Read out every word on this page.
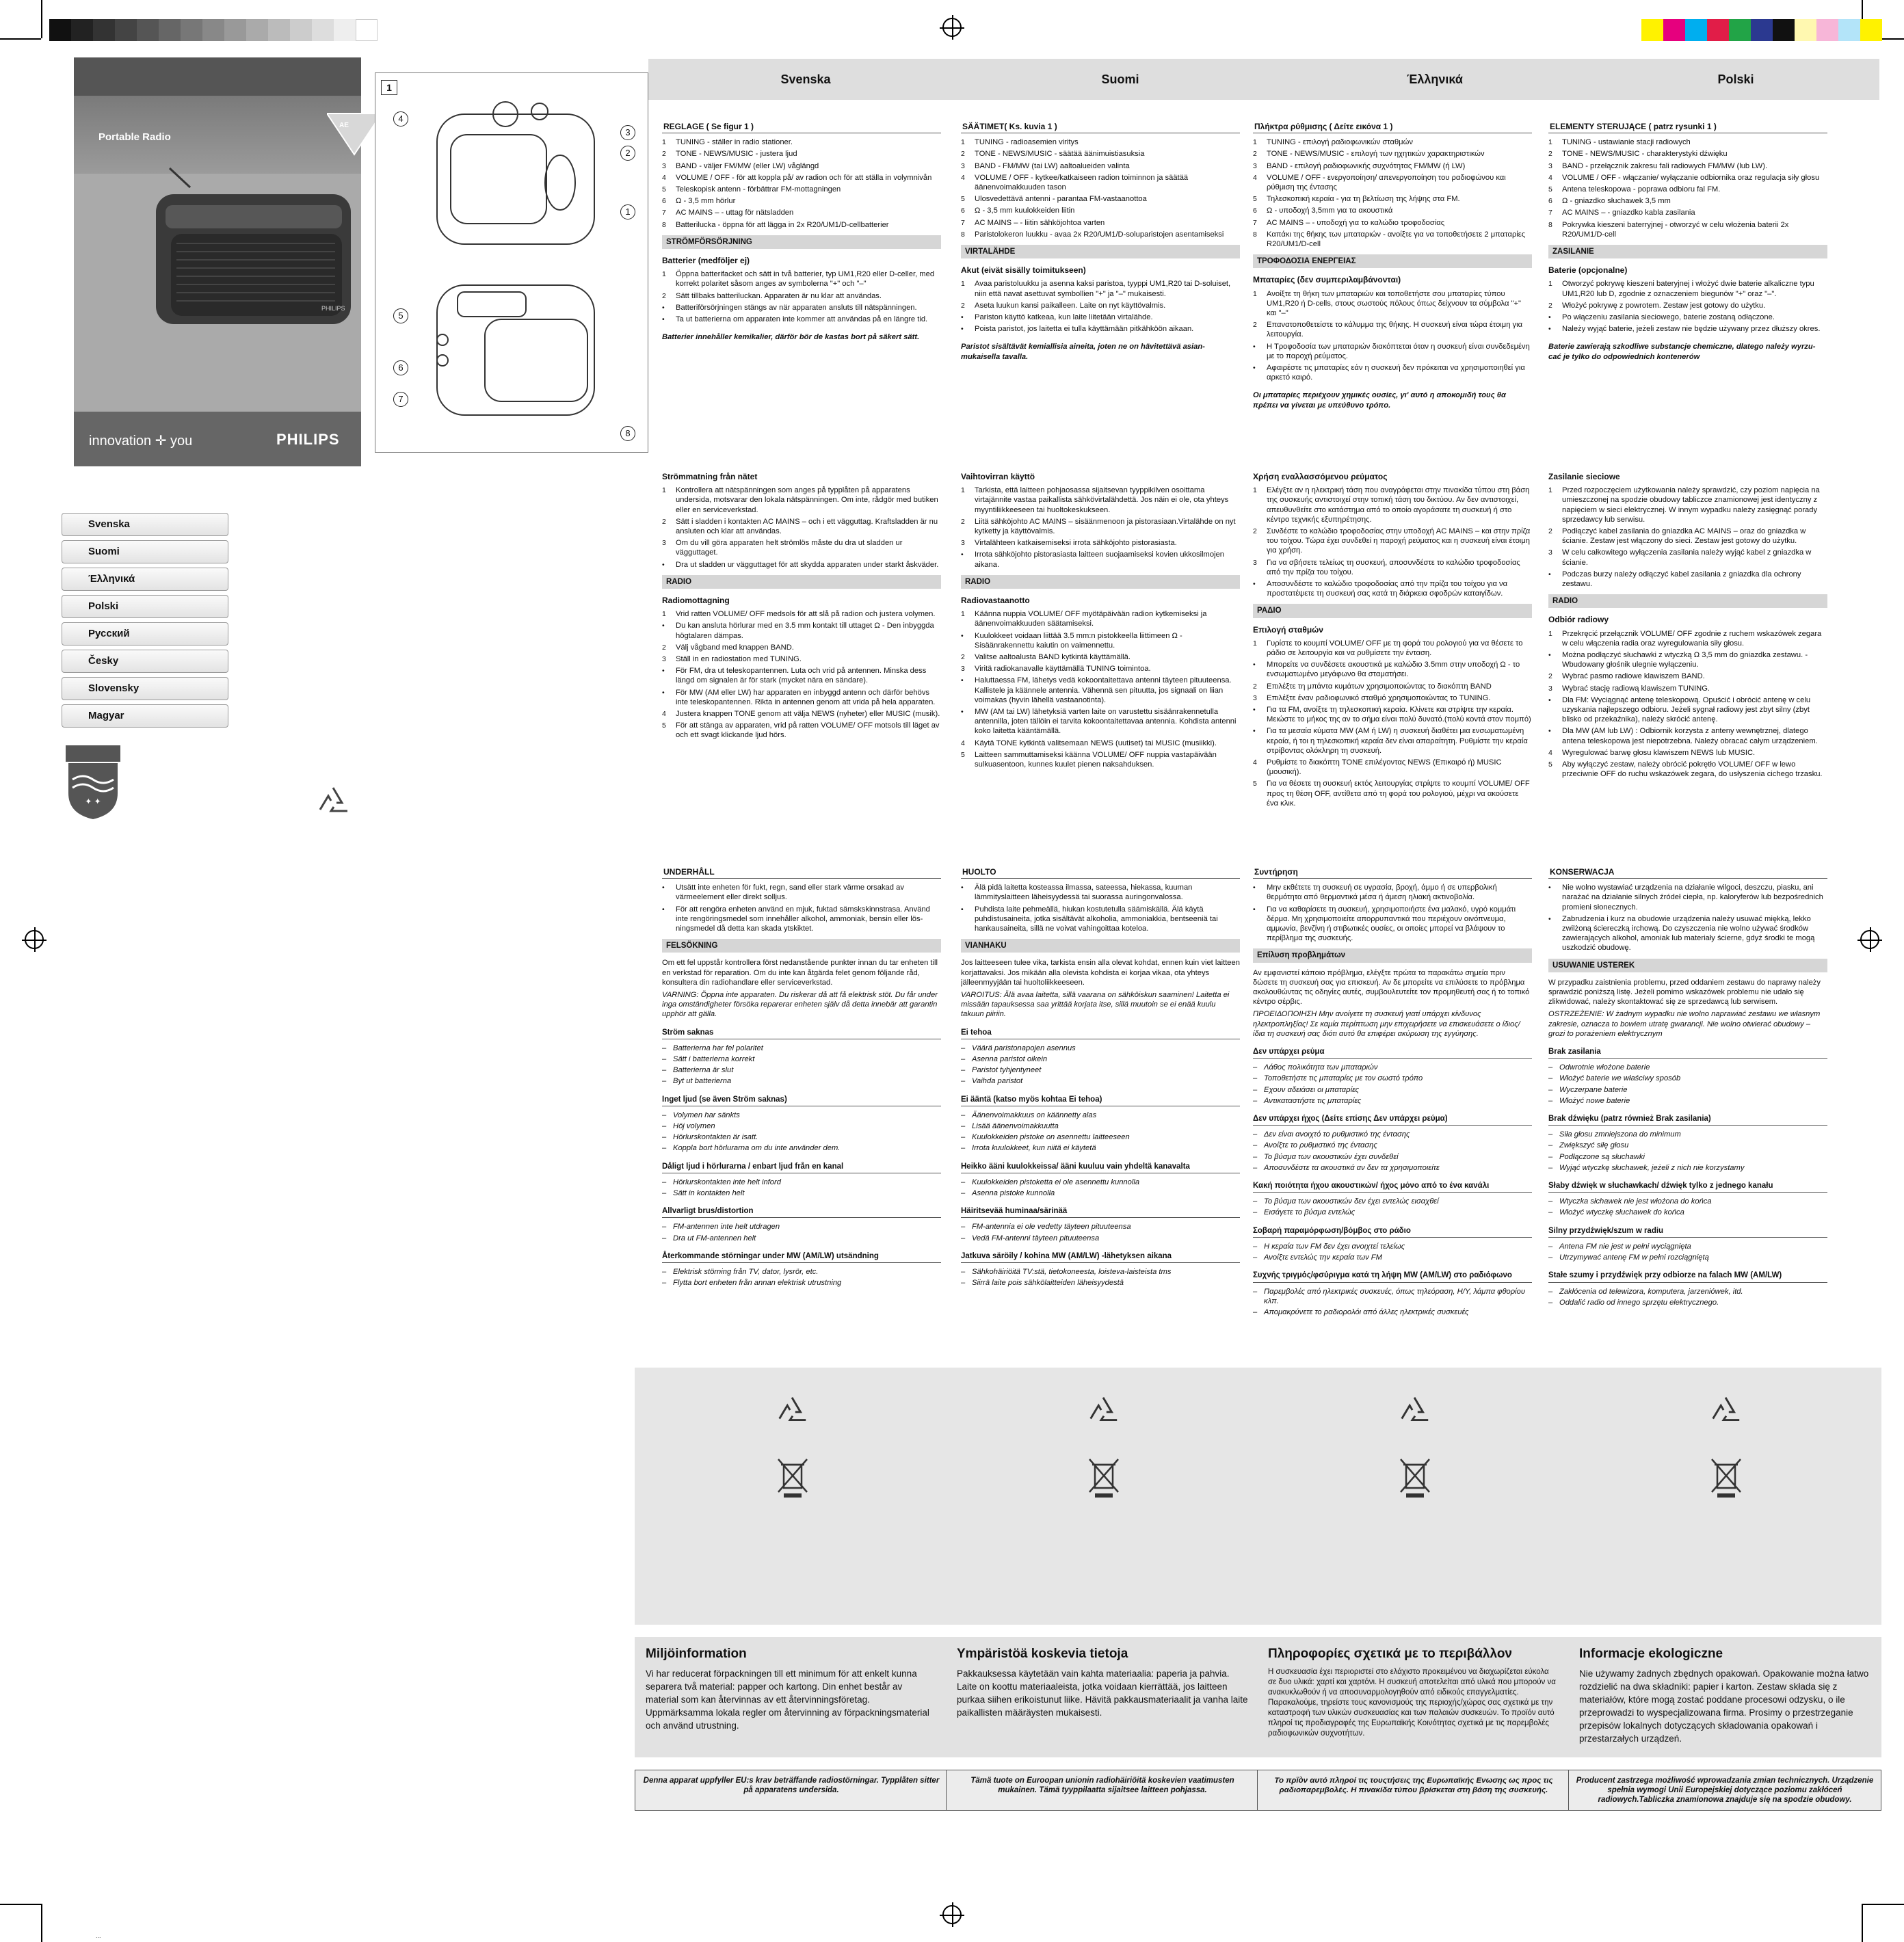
Portable Radio
AE
PHILIPS
innovation ✛ you	PHILIPS
Svenska
Suomi
Έλληνικά
Polski
Русский
Česky
Slovensky
Magyar
✦ ✦
1
4
3
2
1
5
6
7
8
Svenska	Suomi	Έλληνικά	Polski
REGLAGE ( Se figur 1 )
1	TUNING - ställer in radio stationer.
2	TONE - NEWS/MUSIC - justera ljud
3	BAND - väljer FM/MW (eller LW) våglängd
4	VOLUME / OFF - för att koppla på/ av radion och för att ställa in volymnivån
5	Teleskopisk antenn - förbättrar FM-mottagningen
6	Ω - 3,5 mm hörlur
7	AC MAINS – - uttag för nätsladden
8	Batterilucka - öppna för att lägga in 2x R20/UM1/D-cellbatterier
STRÖMFÖRSÖRJNING
Batterier (medföljer ej)
1	Öppna batterifacket och sätt in två batterier, typ UM1,R20 eller D-celler, med korrekt polaritet såsom anges av symbolerna "+" och "–"
2	Sätt tillbaks batteriluckan. Apparaten är nu klar att användas.
•	Batteriförsörjningen stängs av när apparaten ansluts till nätspänningen.
•	Ta ut batterierna om apparaten inte kommer att användas på en längre tid.
Batterier innehåller kemikalier, därför bör de kastas bort på säkert sätt.
Strömmatning från nätet
1	Kontrollera att nätspänningen som anges på typplåten på apparatens undersida, motsvarar den lokala nätspänningen. Om inte, rådgör med butiken eller en serviceverkstad.
2	Sätt i sladden i kontakten AC MAINS – och i ett vägguttag. Kraftsladden är nu ansluten och klar att användas.
3	Om du vill göra apparaten helt strömlös måste du dra ut sladden ur vägguttaget.
•	Dra ut sladden ur vägguttaget för att skydda apparaten under starkt åskväder.
RADIO
Radiomottagning
1	Vrid ratten VOLUME/ OFF medsols för att slå på radion och justera volymen.
•	Du kan ansluta hörlurar med en 3.5 mm kontakt till uttaget Ω - Den inbyggda högtalaren dämpas.
2	Välj vågband med knappen BAND.
3	Ställ in en radiostation med TUNING.
•	För FM, dra ut teleskopantennen. Luta och vrid på antennen. Minska dess längd om signalen är för stark (mycket nära en sändare).
•	För MW (AM eller LW) har apparaten en inbyggd antenn och därför behövs inte teleskopantennen. Rikta in antennen genom att vrida på hela apparaten.
4	Justera knappen TONE genom att välja NEWS (nyheter) eller MUSIC (musik).
5	För att stänga av apparaten, vrid på ratten VOLUME/ OFF motsols till läget av och ett svagt klickande ljud hörs.
UNDERHÅLL
•	Utsätt inte enheten för fukt, regn, sand eller stark värme orsakad av värmeelement eller direkt solljus.
•	För att rengöra enheten använd en mjuk, fuktad sämskskinnstrasa. Använd inte rengöringsmedel som innehåller alkohol, ammoniak, bensin eller lös-ningsmedel då detta kan skada ytskiktet.
FELSÖKNING
Om ett fel uppstår kontrollera först nedanstående punkter innan du tar enheten till en verkstad för reparation. Om du inte kan åtgärda felet genom följande råd, konsultera din radiohandlare eller serviceverkstad.
VARNING: Öppna inte apparaten. Du riskerar då att få elektrisk stöt. Du får under inga omständigheter försöka reparerar enheten själv då detta innebär att garantin upphör att gälla.
Ström saknas
– Batterierna har fel polaritet
– Sätt i batterierna korrekt
– Batterierna är slut
– Byt ut batterierna
Inget ljud (se även Ström saknas)
– Volymen har sänkts
– Höj volymen
– Hörlurskontakten är isatt.
– Koppla bort hörlurarna om du inte använder dem.
Dåligt ljud i hörlurarna / enbart ljud från en kanal
– Hörlurskontakten inte helt inford
– Sätt in kontakten helt
Allvarligt brus/distortion
– FM-antennen inte helt utdragen
– Dra ut FM-antennen helt
Återkommande störningar under MW (AM/LW) utsändning
– Elektrisk störning från TV, dator, lysrör, etc.
– Flytta bort enheten från annan elektrisk utrustning
SÄÄTIMET( Ks. kuvia 1 )
1	TUNING - radioasemien viritys
2	TONE - NEWS/MUSIC - säätää äänimuistiasuksia
3	BAND - FM/MW (tai LW) aaltoalueiden valinta
4	VOLUME / OFF - kytkee/katkaiseen radion toiminnon ja säätää äänenvoimakkuuden tason
5	Ulosvedettävä antenni - parantaa FM-vastaanottoa
6	Ω - 3,5 mm kuulokkeiden liitin
7	AC MAINS – - liitin sähköjohtoa varten
8	Paristolokeron luukku - avaa 2x R20/UM1/D-soluparistojen asentamiseksi
VIRTALÄHDE
Akut (eivät sisälly toimitukseen)
1	Avaa paristoluukku ja asenna kaksi paristoa, tyyppi UM1,R20 tai D-soluiset, niin että navat asettuvat symbollien "+" ja "–" mukaisesti.
2	Aseta luukun kansi paikalleen. Laite on nyt käyttövalmis.
•	Pariston käyttö katkeaa, kun laite liitetään virtalähde.
•	Poista paristot, jos laitetta ei tulla käyttämään pitkähköön aikaan.
Paristot sisältävät kemiallisia aineita, joten ne on hävitettävä asian-mukaisella tavalla.
Vaihtovirran käyttö
1	Tarkista, että laitteen pohjaosassa sijaitsevan tyyppikilven osoittama virtajännite vastaa paikallista sähkövirtalähdettä. Jos näin ei ole, ota yhteys myyntiliikkeeseen tai huoltokeskukseen.
2	Liitä sähköjohto AC MAINS – sisäänmenoon ja pistorasiaan.Virtalähde on nyt kytketty ja käyttövalmis.
3	Virtalähteen katkaisemiseksi irrota sähköjohto pistorasiasta.
•	Irrota sähköjohto pistorasiasta laitteen suojaamiseksi kovien ukkosilmojen aikana.
RADIO
Radiovastaanotto
1	Käänna nuppia VOLUME/ OFF myötäpäivään radion kytkemiseksi ja äänenvoimakkuuden säätamiseksi.
•	Kuulokkeet voidaan liittää 3.5 mm:n pistokkeella liittimeen Ω - Sisäänrakennettu kaiutin on vaimennettu.
2	Valitse aaltoalusta BAND kytkintä käyttämällä.
3	Viritä radiokanavalle käyttämällä TUNING toimintoa.
•	Haluttaessa FM, lähetys vedä kokoontaitettava antenni täyteen pituuteensa. Kallistele ja käännele antennia. Vähennä sen pituutta, jos signaali on liian voimakas (hyvin lähellä vastaanotinta).
•	MW (AM tai LW) lähetyksiä varten laite on varustettu sisäänrakennetulla antennilla, joten tällöin ei tarvita kokoontaitettavaa antennia. Kohdista antenni koko laitetta kääntämällä.
4	Käytä TONE kytkintä valitsemaan NEWS (uutiset) tai MUSIC (musiikki).
5	Laitteen sammuttamiseksi käänna VOLUME/ OFF nuppia vastapäivään sulkuasentoon, kunnes kuulet pienen naksahduksen.
HUOLTO
•	Älä pidä laitetta kosteassa ilmassa, sateessa, hiekassa, kuuman lämmityslaitteen läheisyydessä tai suorassa auringonvalossa.
•	Puhdista laite pehmeällä, hiukan kostutetulla säämiskällä. Älä käytä puhdistusaineita, jotka sisältävät alkoholia, ammoniakkia, bentseeniä tai hankausaineita, sillä ne voivat vahingoittaa koteloa.
VIANHAKU
Jos laitteeseen tulee vika, tarkista ensin alla olevat kohdat, ennen kuin viet laitteen korjattavaksi. Jos mikään alla olevista kohdista ei korjaa vikaa, ota yhteys jälleenmyyjään tai huoltoliikkeeseen.
VAROITUS: Älä avaa laitetta, sillä vaarana on sähköiskun saaminen! Laitetta ei missään tapauksessa saa yrittää korjata itse, sillä muutoin se ei enää kuulu takuun piiriin.
Ei tehoa
– Väärä paristonapojen asennus
– Asenna paristot oikein
– Paristot tyhjentyneet
– Vaihda paristot
Ei ääntä (katso myös kohtaa Ei tehoa)
– Äänenvoimakkuus on käännetty alas
– Lisää äänenvoimakkuutta
– Kuulokkeiden pistoke on asennettu laitteeseen
– Irrota kuulokkeet, kun niitä ei käytetä
Heikko ääni kuulokkeissa/ ääni kuuluu vain yhdeltä kanavalta
– Kuulokkeiden pistoketta ei ole asennettu kunnolla
– Asenna pistoke kunnolla
Häiritsevää huminaa/särinää
– FM-antennia ei ole vedetty täyteen pituuteensa
– Vedä FM-antenni täyteen pituuteensa
Jatkuva säröily / kohina MW (AM/LW) -lähetyksen aikana
– Sähkohäiriöitä TV:stä, tietokoneesta, loisteva-laisteista tms
– Siirrä laite pois sähkölaitteiden läheisyydestä
Πλήκτρα ρύθμισης ( Δείτε εικόνα 1 )
1	TUNING - επιλογή ραδιοφωνικών σταθμών
2	TONE - NEWS/MUSIC - επιλογή των ηχητικών χαρακτηριστικών
3	BAND - επιλογή ραδιοφωνικής συχνότητας FM/MW (ή LW)
4	VOLUME / OFF - ενεργοποίηση/ απενεργοποίηση του ραδιοφώνου και ρύθμιση της έντασης
5	Τηλεσκοπική κεραία - για τη βελτίωση της λήψης στα FM.
6	Ω - υποδοχή 3,5mm για τα ακουστικά
7	AC MAINS – - υποδοχή για το καλώδιο τροφοδοσίας
8	Καπάκι της θήκης των μπαταριών - ανοίξτε για να τοποθετήσετε 2 μπαταρίες R20/UM1/D-cell
ΤΡΟΦΟΔΟΣΙΑ ΕΝΕΡΓΕΙΑΣ
Μπαταρίες (δεν συμπεριλαμβάνονται)
1	Ανοίξτε τη θήκη των μπαταριών και τοποθετήστε σου μπαταρίες τύπου UM1,R20 ή D-cells, στους σωστούς πόλους όπως δείχνουν τα σύμβολα "+" και "–"
2	Επανατοποθετείστε το κάλυμμα της θήκης. Η συσκευή είναι τώρα έτοιμη για λειτουργία.
•	Η Τροφοδοσία των μπαταριών διακόπτεται όταν η συσκευή είναι συνδεδεμένη με το παροχή ρεύματος.
•	Αφαιρέστε τις μπαταρίες εάν η συσκευή δεν πρόκειται να χρησιμοποιηθεί για αρκετό καιρό.
Οι μπαταρίες περιέχουν χημικές ουσίες, γι' αυτό η αποκομιδή τους θα πρέπει να γίνεται με υπεύθυνο τρόπο.
Χρήση εναλλασσόμενου ρεύματος
1	Ελέγξτε αν η ηλεκτρική τάση που αναγράφεται στην πινακίδα τύπου στη βάση της συσκευής αντιστοιχεί στην τοπική τάση του δικτύου. Αν δεν αντιστοιχεί, απευθυνθείτε στο κατάστημα από το οποίο αγοράσατε τη συσκευή ή στο κέντρο τεχνικής εξυπηρέτησης.
2	Συνδέστε το καλώδιο τροφοδοσίας στην υποδοχή AC MAINS – και στην πρίζα του τοίχου. Τώρα έχει συνδεθεί η παροχή ρεύματος και η συσκευή είναι έτοιμη για χρήση.
3	Για να σβήσετε τελείως τη συσκευή, αποσυνδέστε το καλώδιο τροφοδοσίας από την πρίζα του τοίχου.
•	Αποσυνδέστε το καλώδιο τροφοδοσίας από την πρίζα του τοίχου για να προστατέψετε τη συσκευή σας κατά τη διάρκεια σφοδρών καταιγίδων.
ΡΑΔΙΟ
Επιλογή σταθμών
1	Γυρίστε το κουμπί VOLUME/ OFF με τη φορά του ρολογιού για να θέσετε το ράδιο σε λειτουργία και να ρυθμίσετε την ένταση.
•	Μπορείτε να συνδέσετε ακουστικά με καλώδιο 3.5mm στην υποδοχή Ω - το ενσωματωμένο μεγάφωνο θα σταματήσει.
2	Επιλέξτε τη μπάντα κυμάτων χρησιμοποιώντας το διακόπτη BAND
3	Επιλέξτε έναν ραδιοφωνικό σταθμό χρησιμοποιώντας το TUNING.
•	Για τα FM, ανοίξτε τη τηλεσκοπική κεραία. Κλίνετε και στρίψτε την κεραία. Μειώστε το μήκος της αν το σήμα είναι πολύ δυνατό.(πολύ κοντά στον πομπό)
•	Για τα μεσαία κύματα MW (AM ή LW) η συσκευή διαθέτει μια ενσωματωμένη κεραία, ή τοι η τηλεσκοπική κεραία δεν είναι απαραίτητη. Ρυθμίστε την κεραία στρίβοντας ολόκληρη τη συσκευή.
4	Ρυθμίστε το διακόπτη TONE επιλέγοντας NEWS (Επικαιρό ή) MUSIC (μουσική).
5	Για να θέσετε τη συσκευή εκτός λειτουργίας στρίψτε το κουμπί VOLUME/ OFF προς τη θέση OFF, αντίθετα από τη φορά του ρολογιού, μέχρι να ακούσετε ένα κλικ.
Συντήρηση
•	Μην εκθέτετε τη συσκευή σε υγρασία, βροχή, άμμο ή σε υπερβολική θερμότητα από θερμαντικά μέσα ή άμεση ηλιακή ακτινοβολία.
•	Για να καθαρίσετε τη συσκευή, χρησιμοποιήστε ένα μαλακό, υγρό κομμάτι δέρμα. Μη χρησιμοποιείτε απορρυπαντικά που περιέχουν οινόπνευμα, αμμωνία, βενζίνη ή στιβωτικές ουσίες, οι οποίες μπορεί να βλάψουν το περίβλημα της συσκευής.
Επίλυση προβλημάτων
Αν εμφανιστεί κάποιο πρόβλημα, ελέγξτε πρώτα τα παρακάτω σημεία πριν δώσετε τη συσκευή σας για επισκευή. Αν δε μπορείτε να επιλύσετε το πρόβλημα ακολουθώντας τις οδηγίες αυτές, συμβουλευτείτε τον προμηθευτή σας ή το τοπικό κέντρο σέρβις.
ΠΡΟΕΙΔΟΠΟΙΗΣΗ Μην ανοίγετε τη συσκευή γιατί υπάρχει κίνδυνος ηλεκτροπληξίας! Σε καμία περίπτωση μην επιχειρήσετε να επισκευάσετε ο ίδιος/ίδια τη συσκευή σας διότι αυτό θα επιφέρει ακύρωση της εγγύησης.
Δεν υπάρχει ρεύμα
– Λάθος πολικότητα των μπαταριών
– Τοποθετήστε τις μπαταρίες με τον σωστό τρόπο
– Εχουν αδειάσει οι μπαταρίες
– Αντικαταστήστε τις μπαταρίες
Δεν υπάρχει ήχος (Δείτε επίσης Δεν υπάρχει ρεύμα)
– Δεν είναι ανοιχτό το ρυθμιστικό της έντασης
– Ανοίξτε το ρυθμιστικό της έντασης
– Το βύσμα των ακουστικών έχει συνδεθεί
– Αποσυνδέστε τα ακουστικά αν δεν τα χρησιμοποιείτε
Κακή ποιότητα ήχου ακουστικών/ ήχος μόνο από το ένα κανάλι
– Το βύσμα των ακουστικών δεν έχει εντελώς εισαχθεί
– Εισάγετε το βύσμα εντελώς
Σοβαρή παραμόρφωση/βόμβος στο ράδιο
– Η κεραία των FM δεν έχει ανοιχτεί τελείως
– Ανοίξτε εντελώς την κεραία των FM
Συχνής τριγμός/φσύριγμα κατά τη λήψη MW (AM/LW) στο ραδιόφωνο
– Παρεμβολές από ηλεκτρικές συσκευές, όπως τηλεόραση, Η/Υ, λάμπα φθορίου κλπ.
– Απομακρύνετε το ραδιορολόι από άλλες ηλεκτρικές συσκευές
ELEMENTY STERUJĄCE ( patrz rysunki 1 )
1	TUNING - ustawianie stacji radiowych
2	TONE - NEWS/MUSIC - charakterystyki dźwięku
3	BAND - przełącznik zakresu fali radiowych FM/MW (lub LW).
4	VOLUME / OFF - włączanie/ wyłączanie odbiornika oraz regulacja siły głosu
5	Antena teleskopowa - poprawa odbioru fal FM.
6	Ω - gniazdko słuchawek 3,5 mm
7	AC MAINS – - gniazdko kabla zasilania
8	Pokrywka kieszeni baterryjnej - otworzyć w celu włożenia baterii 2x R20/UM1/D-cell
ZASILANIE
Baterie (opcjonalne)
1	Otworzyć pokrywę kieszeni bateryjnej i włożyć dwie baterie alkaliczne typu UM1,R20 lub D, zgodnie z oznaczeniem biegunów "+" oraz "–".
2	Włożyć pokrywę z powrotem. Zestaw jest gotowy do użytku.
•	Po włączeniu zasilania sieciowego, baterie zostaną odłączone.
•	Należy wyjąć baterie, jeżeli zestaw nie będzie używany przez dłuższy okres.
Baterie zawierają szkodliwe substancje chemiczne, dlatego należy wyrzu-cać je tylko do odpowiednich kontenerów
Zasilanie sieciowe
1	Przed rozpoczęciem użytkowania należy sprawdzić, czy poziom napięcia na umieszczonej na spodzie obudowy tabliczce znamionowej jest identyczny z napięciem w sieci elektrycznej. W innym wypadku należy zasięgnąć porady sprzedawcy lub serwisu.
2	Podłączyć kabel zasilania do gniazdka AC MAINS – oraz do gniazdka w ścianie. Zestaw jest włączony do sieci. Zestaw jest gotowy do użytku.
3	W celu całkowitego wyłączenia zasilania należy wyjąć kabel z gniazdka w ścianie.
•	Podczas burzy należy odłączyć kabel zasilania z gniazdka dla ochrony zestawu.
RADIO
Odbiór radiowy
1	Przekręcić przełącznik VOLUME/ OFF zgodnie z ruchem wskazówek zegara w celu włączenia radia oraz wyregulowania siły głosu.
•	Można podłączyć słuchawki z wtyczką Ω 3,5 mm do gniazdka zestawu. - Wbudowany głośnik ulegnie wyłączeniu.
2	Wybrać pasmo radiowe klawiszem BAND.
3	Wybrać stację radiową klawiszem TUNING.
•	Dla FM: Wyciągnąć antenę teleskopową. Opuścić i obrócić antenę w celu uzyskania najlepszego odbioru. Jeżeli sygnał radiowy jest zbyt silny (zbyt blisko od przekaźnika), należy skrócić antenę.
•	Dla MW (AM lub LW) : Odbiornik korzysta z anteny wewnętrznej, dlatego antena teleskopowa jest niepotrzebna. Należy obracać całym urządzeniem.
4	Wyregulować barwę głosu klawiszem NEWS lub MUSIC.
5	Aby wyłączyć zestaw, należy obrócić pokrętło VOLUME/ OFF w lewo przeciwnie OFF do ruchu wskazówek zegara, do usłyszenia cichego trzasku.
KONSERWACJA
•	Nie wolno wystawiać urządzenia na działanie wilgoci, deszczu, piasku, ani narażać na działanie silnych źródeł ciepła, np. kaloryferów lub bezpośrednich promieni słonecznych.
•	Zabrudzenia i kurz na obudowie urządzenia należy usuwać miękką, lekko zwilżoną ściereczką irchową. Do czyszczenia nie wolno używać środków zawierających alkohol, amoniak lub materiały ścierne, gdyż środki te mogą uszkodzić obudowę.
USUWANIE USTEREK
W przypadku zaistnienia problemu, przed oddaniem zestawu do naprawy należy sprawdzić poniższą listę. Jeżeli pomimo wskazówek problemu nie udało się zlikwidować, należy skontaktować się ze sprzedawcą lub serwisem.
OSTRZEŻENIE: W żadnym wypadku nie wolno naprawiać zestawu we własnym zakresie, oznacza to bowiem utratę gwarancji. Nie wolno otwierać obudowy – grozi to porażeniem elektrycznym
Brak zasilania
– Odwrotnie włożone baterie
– Włożyć baterie we właściwy sposób
– Wyczerpane baterie
– Włożyć nowe baterie
Brak dźwięku (patrz również Brak zasilania)
– Siła głosu zmniejszona do minimum
– Zwiększyć siłę głosu
– Podłączone są słuchawki
– Wyjąć wtyczkę słuchawek, jeżeli z nich nie korzystamy
Słaby dźwięk w słuchawkach/ dźwięk tylko z jednego kanału
– Wtyczka słchawek nie jest włożona do końca
– Włożyć wtyczkę słuchawek do końca
Silny przydźwięk/szum w radiu
– Antena FM nie jest w pełni wyciągnięta
– Utrzymywać antenę FM w pełni rozciągniętą
Stałe szumy i przydźwięk przy odbiorze na falach MW (AM/LW)
– Zakłócenia od telewizora, komputera, jarzeniówek, itd.
– Oddalić radio od innego sprzętu elektrycznego.
Miljöinformation
Vi har reducerat förpackningen till ett minimum för att enkelt kunna separera två material: papper och kartong. Din enhet består av material som kan återvinnas av ett återvinningsföretag. Uppmärksamma lokala regler om återvinning av förpackningsmaterial och använd utrustning.
Ympäristöä koskevia tietoja
Pakkauksessa käytetään vain kahta materiaalia: paperia ja pahvia. Laite on koottu materiaaleista, jotka voidaan kierrättää, jos laitteen purkaa siihen erikoistunut liike. Hävitä pakkausmateriaalit ja vanha laite paikallisten määräysten mukaisesti.
Πληροφορίες σχετικά με το περιβάλλον
Η συσκευασία έχει περιοριστεί στο ελάχιστο προκειμένου να διαχωρίζεται εύκολα σε δυο υλικά: χαρτί και χαρτόνι. Η συσκευή αποτελείται από υλικά που μπορούν να ανακυκλωθούν ή να αποσυναρμολογηθούν από ειδικούς επαγγελματίες. Παρακαλούμε, τηρείστε τους κανονισμούς της περιοχής/χώρας σας σχετικά με την καταστροφή των υλικών συσκευασίας και των παλαιών συσκευών. Το προϊόν αυτό πληροί τις προδιαγραφές της Ευρωπαϊκής Κοινότητας σχετικά με τις παρεμβολές ραδιοφωνικών συχνοτήτων.
Informacje ekologiczne
Nie używamy żadnych zbędnych opakowań. Opakowanie można łatwo rozdzielić na dwa składniki: papier i karton. Zestaw składa się z materiałów, które mogą zostać poddane procesowi odzysku, o ile przeprowadzi to wyspecjalizowana firma. Prosimy o przestrzeganie przepisów lokalnych dotyczących składowania opakowań i przestarzałych urządzeń.
Denna apparat uppfyller EU:s krav beträffande radiostörningar. Typplåten sitter på apparatens undersida.
Tämä tuote on Euroopan unionin radiohäiriöitä koskevien vaatimusten mukainen. Tämä tyyppilaatta sijaitsee laitteen pohjassa.
Το πρïòν αυτό πληροί τις τουςτήσεις της Ευρωπαϊκής Ενωσης ως προς τις ραδιοπαρεμβολές. Η πινακίδα τύπου βρίσκεται στη βάση της συσκευής.
Producent zastrzega możliwość wprowadzania zmian technicznych. Urządzenie spełnia wymogi Unii Europejskiej dotyczące poziomu zakłóceń radiowych.Tabliczka znamionowa znajduje się na spodzie obudowy.
...
